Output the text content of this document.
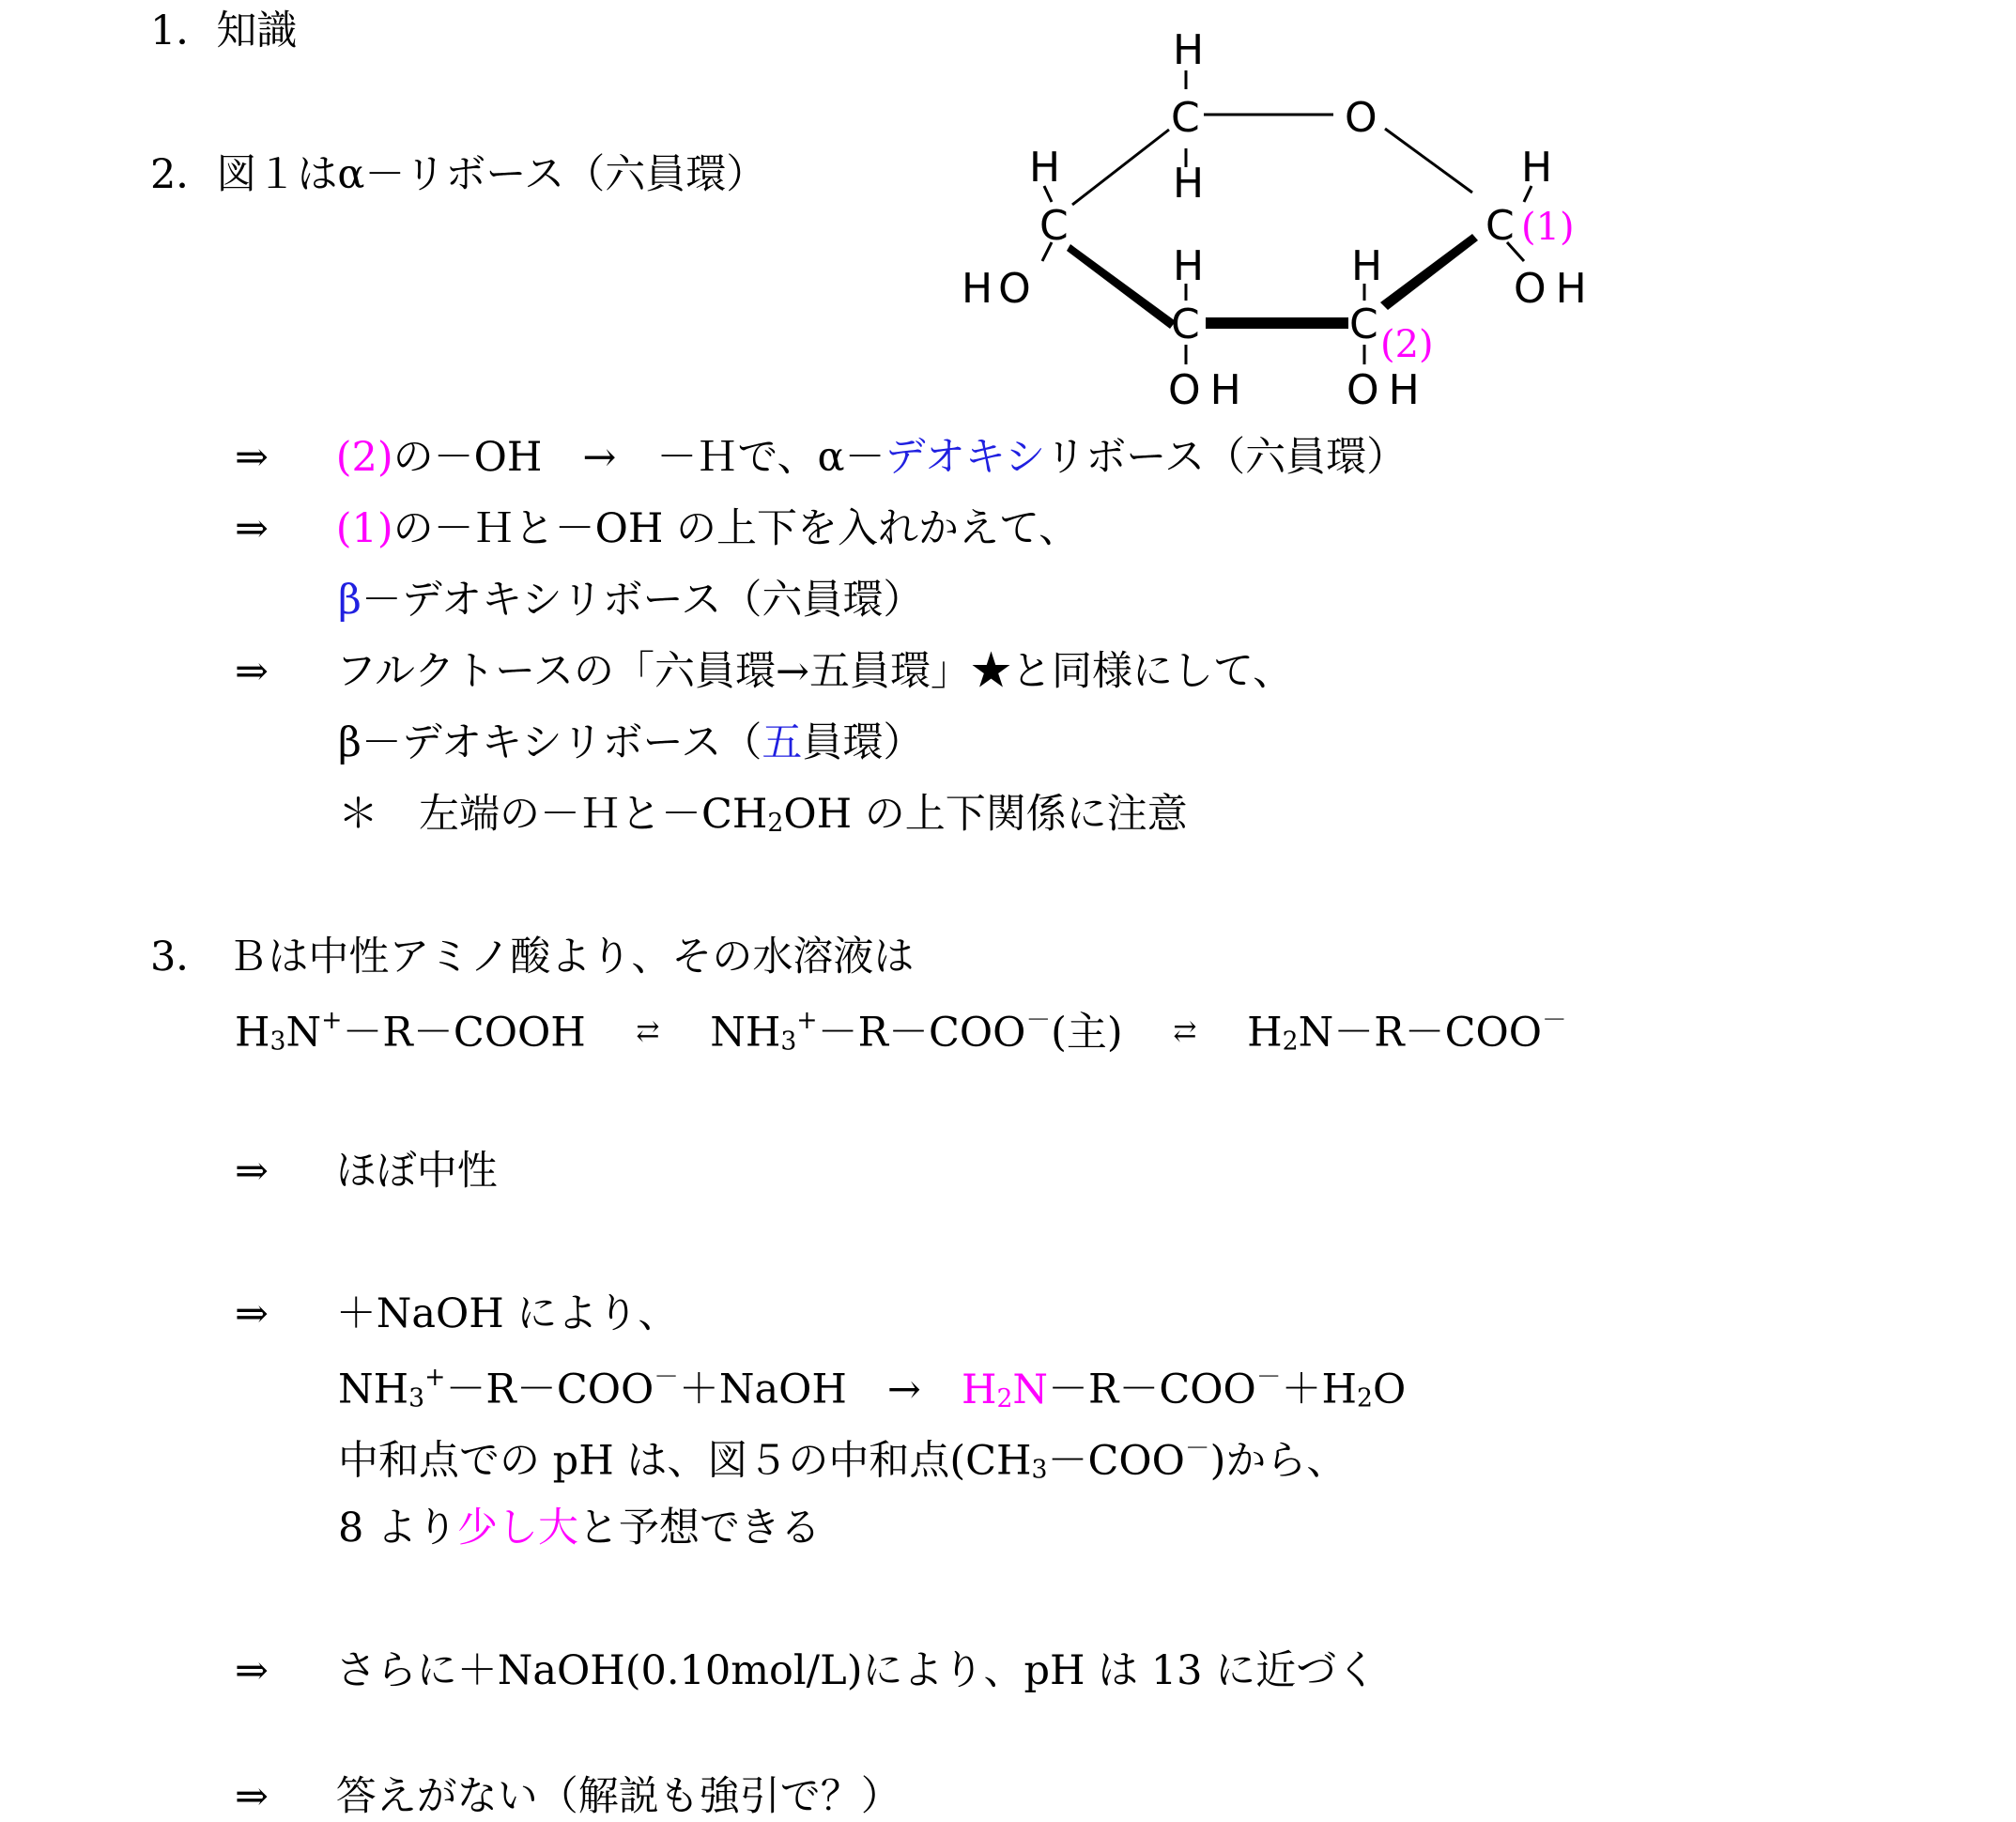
1．知識
2．図１はα－リボース（六員環）
H
C
H
O
H
C
HO
H
C
OH
H
C
OH
H
C
OH
(1)
(2)
⇒ (2)の－OH　→　－Ｈで、α－デオキシリボース（六員環）
⇒ (1)の－Ｈと－OH の上下を入れかえて、
β－デオキシリボース（六員環）
⇒ フルクトースの「六員環→五員環」★と同様にして、
β－デオキシリボース（五員環）
＊　左端の－Ｈと$-CH_2OH$ の上下関係に注意
3． Ｂは中性アミノ酸より、その水溶液は
$H_3N^+-R-COOH$ ⇄ $NH_3^+-R-COO^-$(主) ⇄ $H_2N-R-COO^-$
⇒ ほぼ中性
⇒ ＋NaOH により、
$NH_3^+-R-COO^-+NaOH$　→　$H_2N-R-COO^-+H_2O$
中和点での pH は、図５の中和点$(CH_3-COO^-)$から、
8 より少し大と予想できる
⇒ さらに＋NaOH(0.10mol/L)により、pH は 13 に近づく
⇒ 答えがない（解説も強引で？）
